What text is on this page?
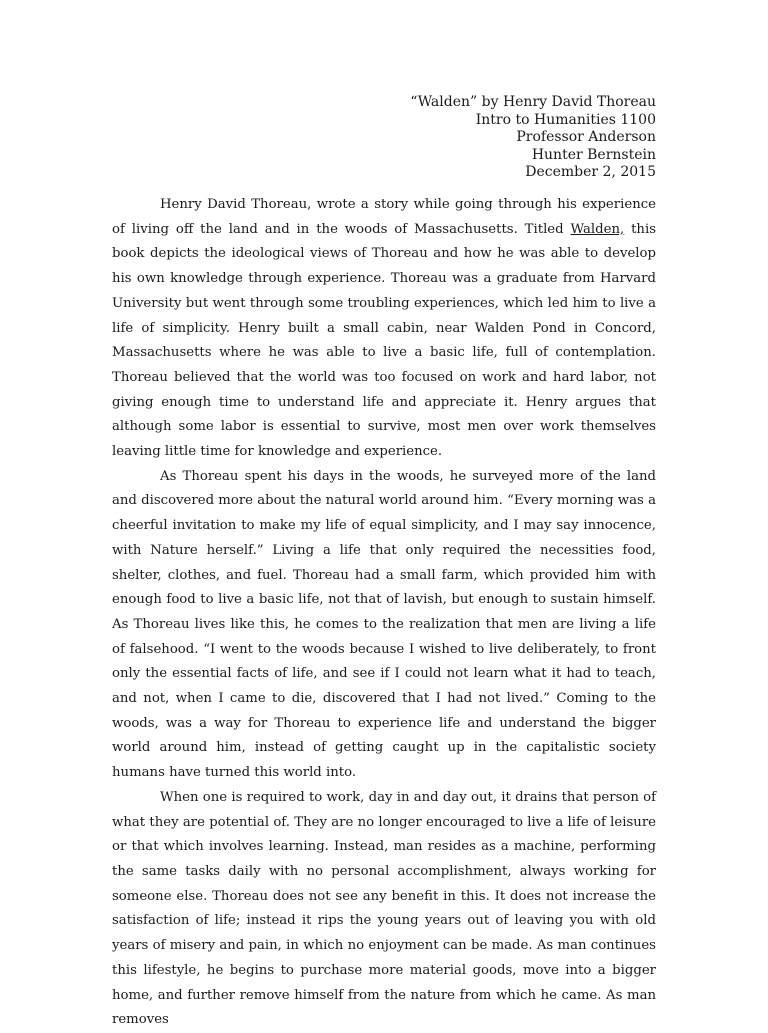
“Walden” by Henry David Thoreau
Intro to Humanities 1100
Professor Anderson
Hunter Bernstein
December 2, 2015

Henry David Thoreau, wrote a story while going through his experience of living off the land and in the woods of Massachusetts. Titled Walden, this book depicts the ideological views of Thoreau and how he was able to develop his own knowledge through experience. Thoreau was a graduate from Harvard University but went through some troubling experiences, which led him to live a life of simplicity. Henry built a small cabin, near Walden Pond in Concord, Massachusetts where he was able to live a basic life, full of contemplation. Thoreau believed that the world was too focused on work and hard labor, not giving enough time to understand life and appreciate it. Henry argues that although some labor is essential to survive, most men over work themselves leaving little time for knowledge and experience.

As Thoreau spent his days in the woods, he surveyed more of the land and discovered more about the natural world around him. “Every morning was a cheerful invitation to make my life of equal simplicity, and I may say innocence, with Nature herself.” Living a life that only required the necessities food, shelter, clothes, and fuel. Thoreau had a small farm, which provided him with enough food to live a basic life, not that of lavish, but enough to sustain himself. As Thoreau lives like this, he comes to the realization that men are living a life of falsehood. “I went to the woods because I wished to live deliberately, to front only the essential facts of life, and see if I could not learn what it had to teach, and not, when I came to die, discovered that I had not lived.” Coming to the woods, was a way for Thoreau to experience life and understand the bigger world around him, instead of getting caught up in the capitalistic society humans have turned this world into.

When one is required to work, day in and day out, it drains that person of what they are potential of. They are no longer encouraged to live a life of leisure or that which involves learning. Instead, man resides as a machine, performing the same tasks daily with no personal accomplishment, always working for someone else. Thoreau does not see any benefit in this. It does not increase the satisfaction of life; instead it rips the young years out of leaving you with old years of misery and pain, in which no enjoyment can be made. As man continues this lifestyle, he begins to purchase more material goods, move into a bigger home, and further remove himself from the nature from which he came. As man removes
